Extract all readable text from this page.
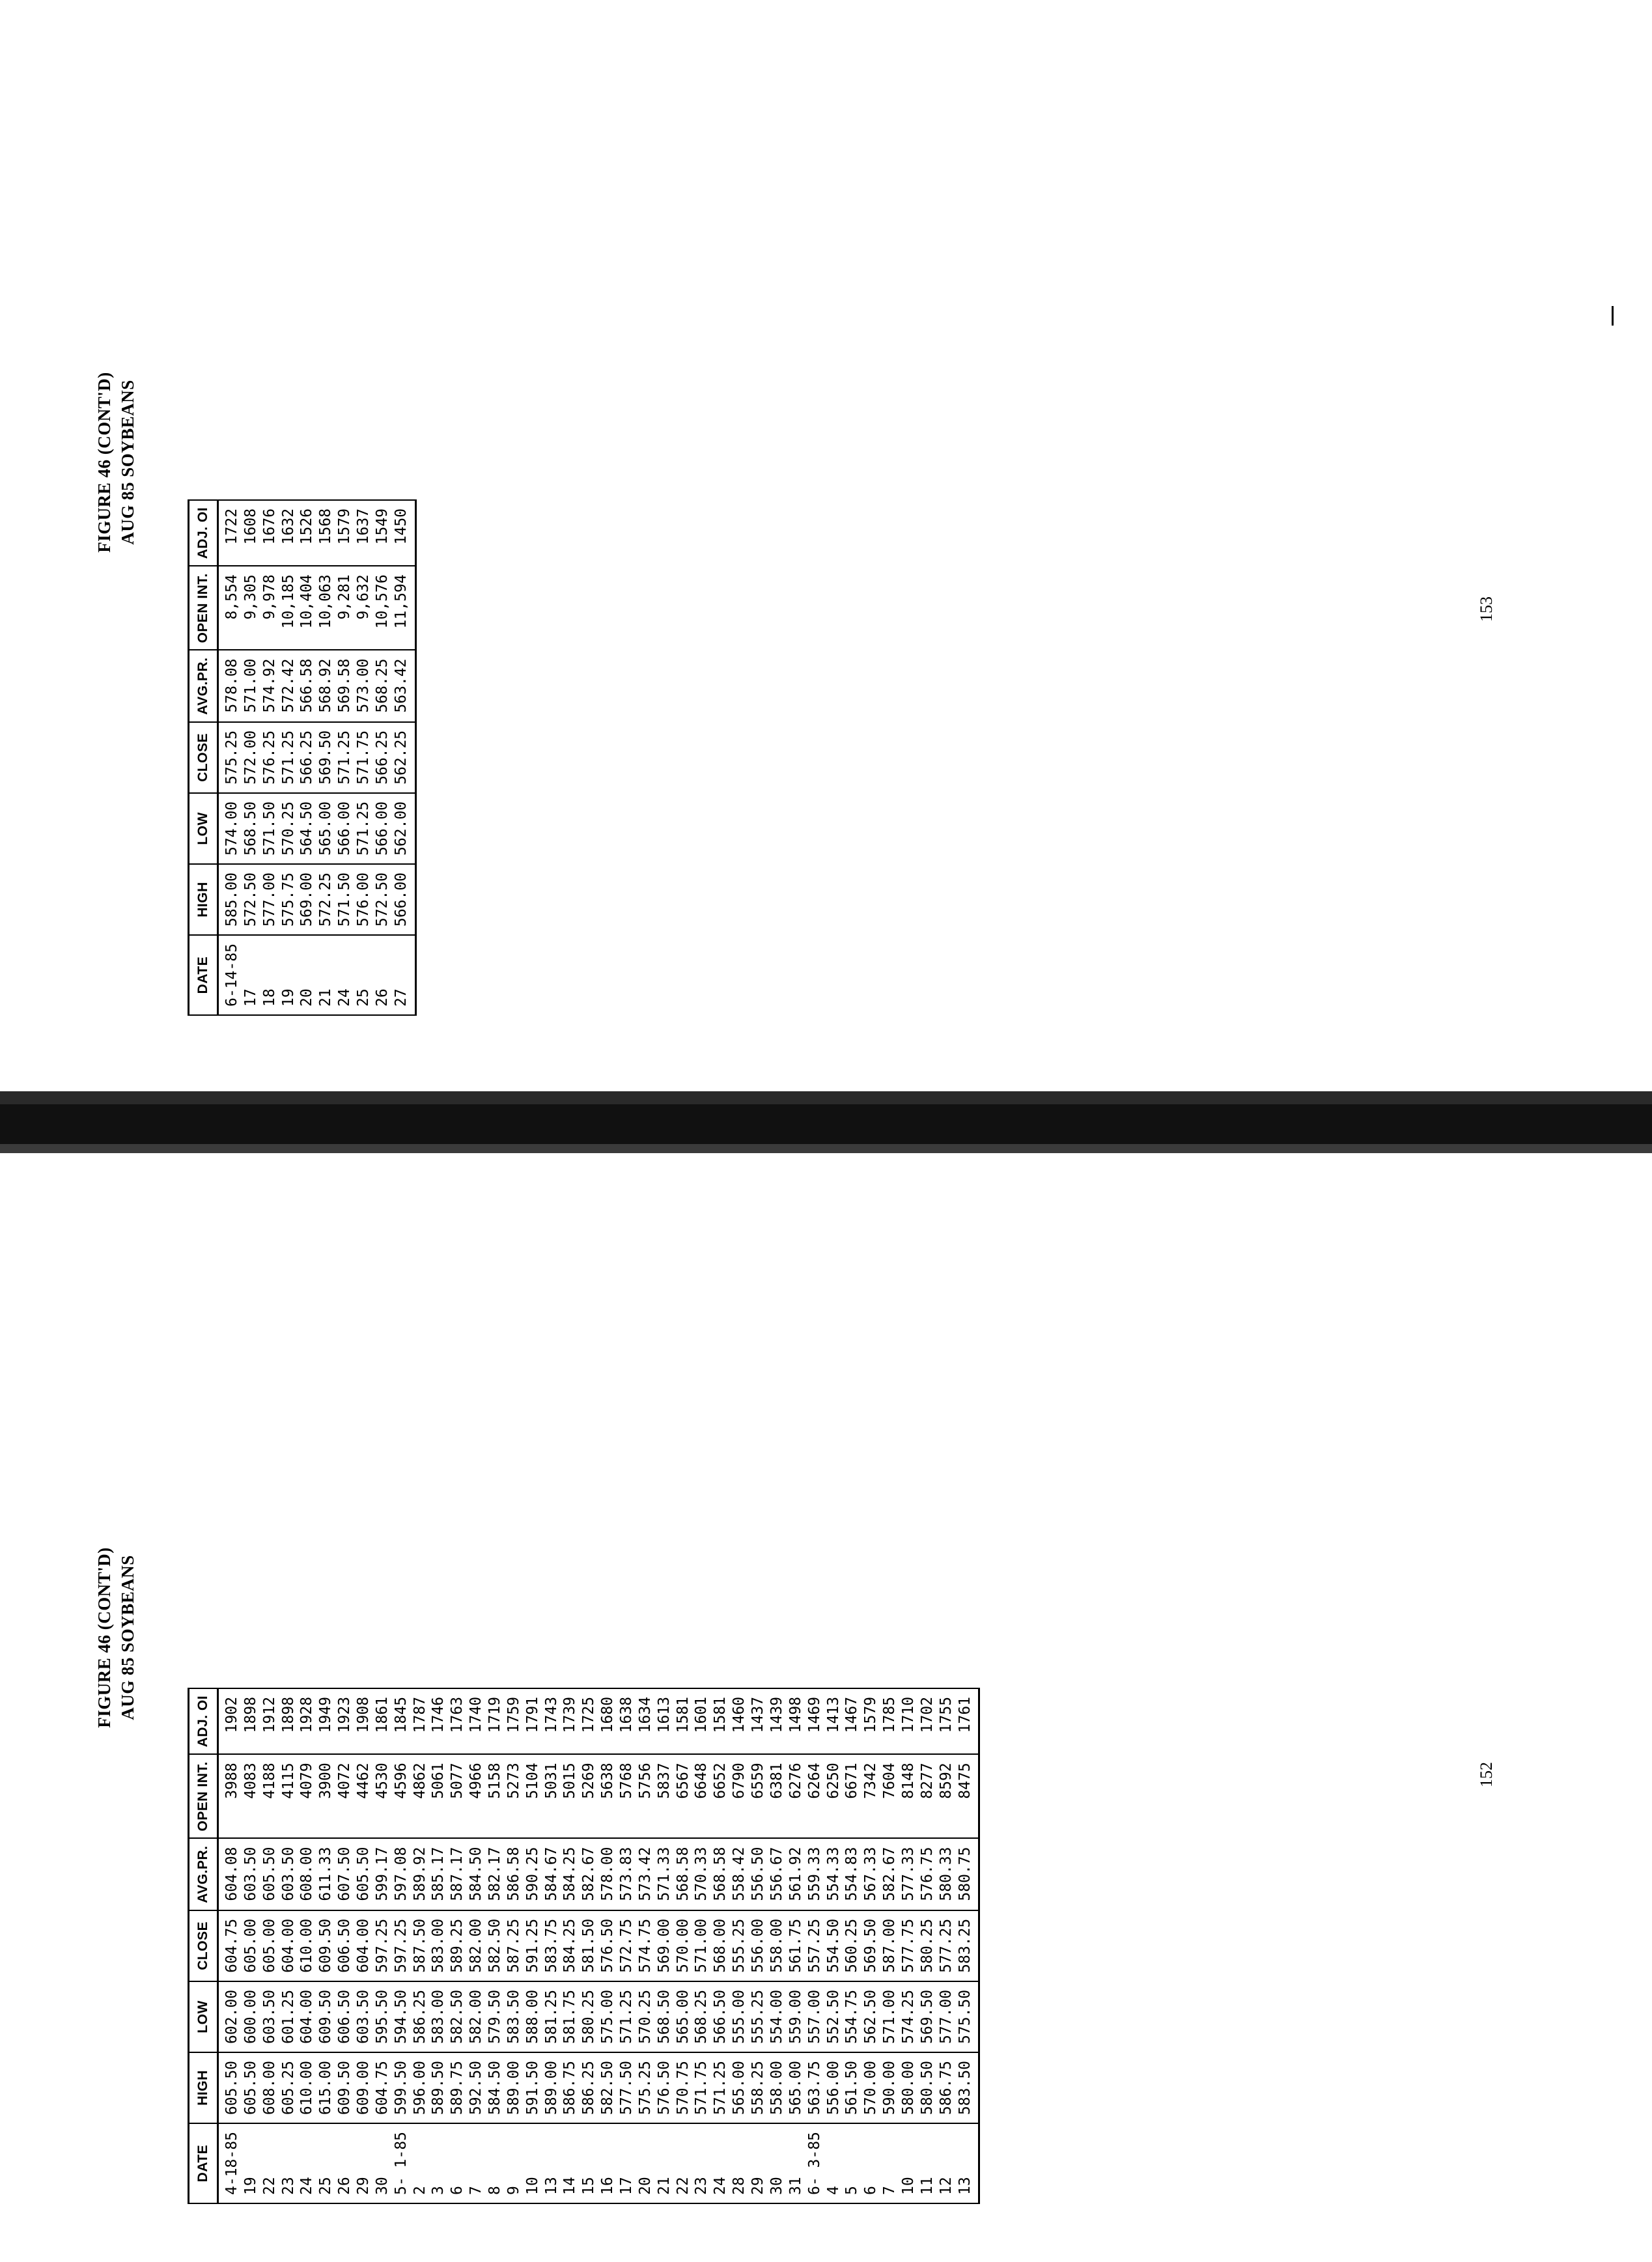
FIGURE 46 (CONT'D) AUG 85 SOYBEANS
DATE	HIGH	LOW	CLOSE	AVG.PR.	OPEN INT.	ADJ. OI
6-14-85	585.00	574.00	575.25	578.08	8,554	1722
17	572.50	568.50	572.00	571.00	9,305	1608
18	577.00	571.50	576.25	574.92	9,978	1676
19	575.75	570.25	571.25	572.42	10,185	1632
20	569.00	564.50	566.25	566.58	10,404	1526
21	572.25	565.00	569.50	568.92	10,063	1568
24	571.50	566.00	571.25	569.58	9,281	1579
25	576.00	571.25	571.75	573.00	9,632	1637
26	572.50	566.00	566.25	568.25	10,576	1549
27	566.00	562.00	562.25	563.42	11,594	1450
153
FIGURE 46 (CONT'D) AUG 85 SOYBEANS
DATE	HIGH	LOW	CLOSE	AVG.PR.	OPEN INT.	ADJ. OI
4-18-85	605.50	602.00	604.75	604.08	3988	1902
19	605.50	600.00	605.00	603.50	4083	1898
22	608.00	603.50	605.00	605.50	4188	1912
23	605.25	601.25	604.00	603.50	4115	1898
24	610.00	604.00	610.00	608.00	4079	1928
25	615.00	609.50	609.50	611.33	3900	1949
26	609.50	606.50	606.50	607.50	4072	1923
29	609.00	603.50	604.00	605.50	4462	1908
30	604.75	595.50	597.25	599.17	4530	1861
5- 1-85	599.50	594.50	597.25	597.08	4596	1845
2	596.00	586.25	587.50	589.92	4862	1787
3	589.50	583.00	583.00	585.17	5061	1746
6	589.75	582.50	589.25	587.17	5077	1763
7	592.50	582.00	582.00	584.50	4966	1740
8	584.50	579.50	582.50	582.17	5158	1719
9	589.00	583.50	587.25	586.58	5273	1759
10	591.50	588.00	591.25	590.25	5104	1791
13	589.00	581.25	583.75	584.67	5031	1743
14	586.75	581.75	584.25	584.25	5015	1739
15	586.25	580.25	581.50	582.67	5269	1725
16	582.50	575.00	576.50	578.00	5638	1680
17	577.50	571.25	572.75	573.83	5768	1638
20	575.25	570.25	574.75	573.42	5756	1634
21	576.50	568.50	569.00	571.33	5837	1613
22	570.75	565.00	570.00	568.58	6567	1581
23	571.75	568.25	571.00	570.33	6648	1601
24	571.25	566.50	568.00	568.58	6652	1581
28	565.00	555.00	555.25	558.42	6790	1460
29	558.25	555.25	556.00	556.50	6559	1437
30	558.00	554.00	558.00	556.67	6381	1439
31	565.00	559.00	561.75	561.92	6276	1498
6- 3-85	563.75	557.00	557.25	559.33	6264	1469
4	556.00	552.50	554.50	554.33	6250	1413
5	561.50	554.75	560.25	554.83	6671	1467
6	570.00	562.50	569.50	567.33	7342	1579
7	590.00	571.00	587.00	582.67	7604	1785
10	580.00	574.25	577.75	577.33	8148	1710
11	580.50	569.50	580.25	576.75	8277	1702
12	586.75	577.00	577.25	580.33	8592	1755
13	583.50	575.50	583.25	580.75	8475	1761
152
